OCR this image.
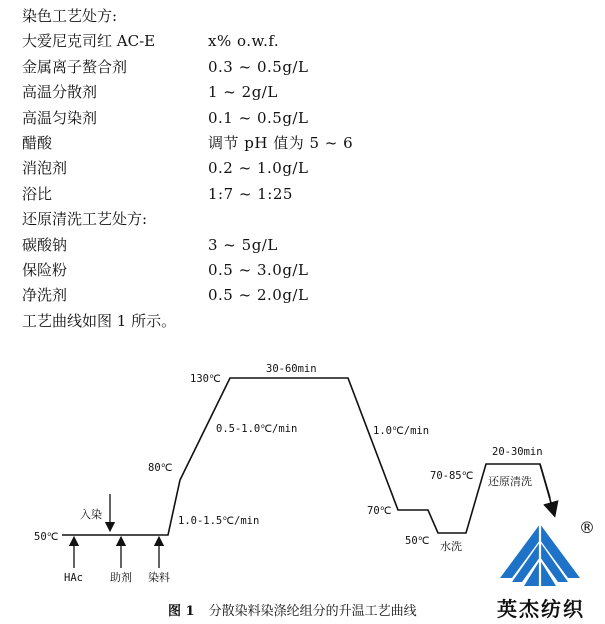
染色工艺处方:
大爱尼克司红 AC-E	x% o.w.f.
金属离子螯合剂	0.3 ~ 0.5g/L
高温分散剂	1 ~ 2g/L
高温匀染剂	0.1 ~ 0.5g/L
醋酸	调节 pH 值为 5 ~ 6
消泡剂	0.2 ~ 1.0g/L
浴比	1:7 ~ 1:25
还原清洗工艺处方:
碳酸钠	3 ~ 5g/L
保险粉	0.5 ~ 3.0g/L
净洗剂	0.5 ~ 2.0g/L
工艺曲线如图 1 所示。
130℃
30-60min
0.5-1.0℃/min	1.0℃/min
80℃
70℃
70-85℃
20-30min
还原清洗
50℃	50℃
1.0-1.5℃/min
水洗
入染
HAc 助剂 染料
®
英杰纺织
图 1 分散染料染涤纶组分的升温工艺曲线
